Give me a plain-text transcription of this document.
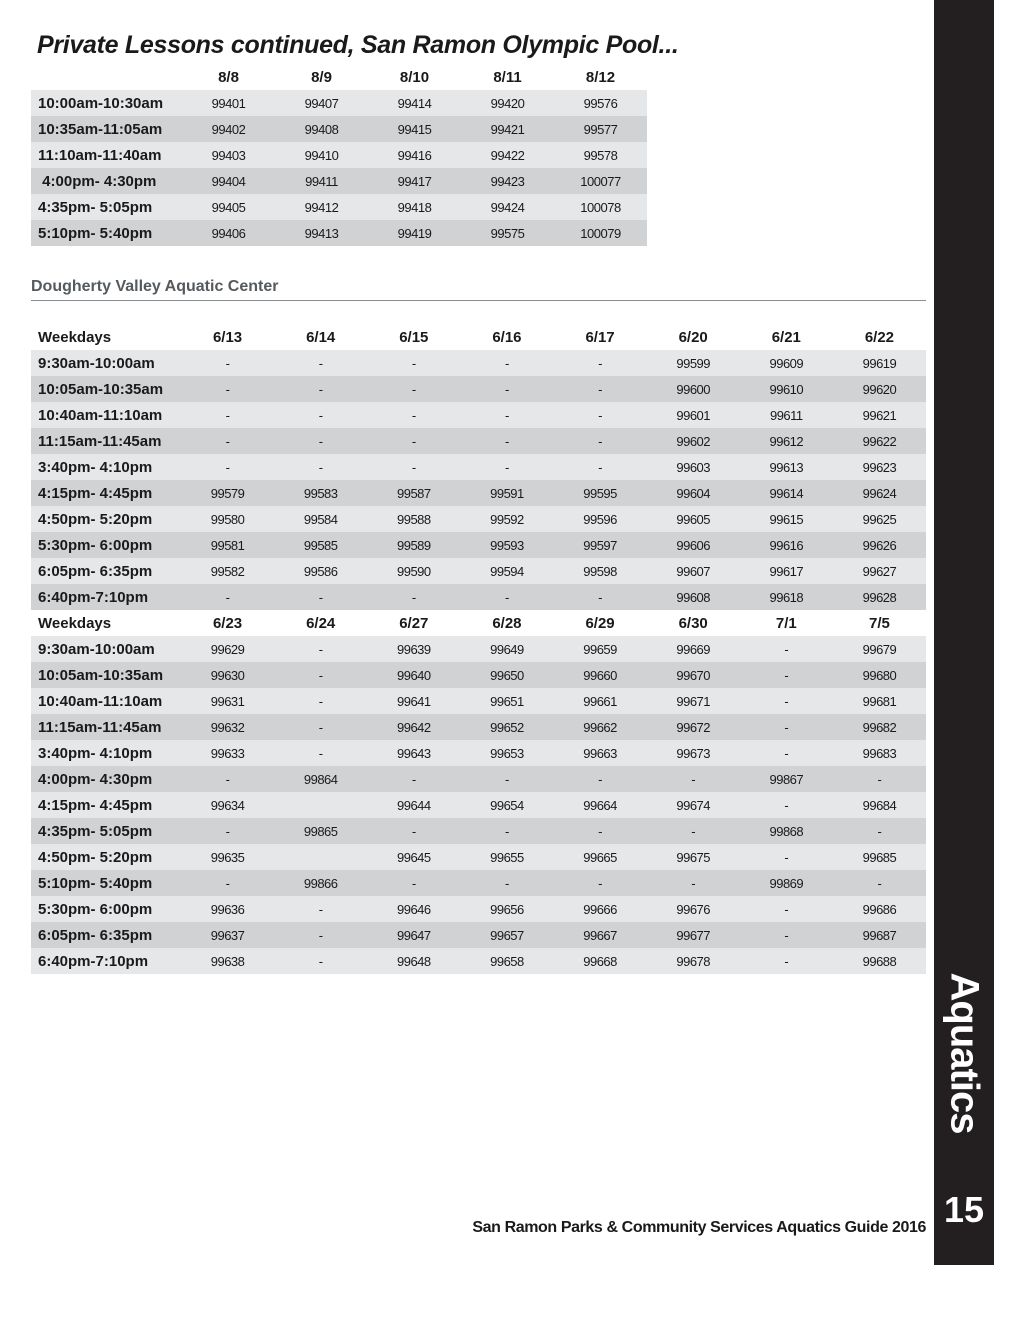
Private Lessons continued, San Ramon Olympic Pool...
	8/8	8/9	8/10	8/11	8/12
10:00am-10:30am	99401	99407	99414	99420	99576
10:35am-11:05am	99402	99408	99415	99421	99577
11:10am-11:40am	99403	99410	99416	99422	99578
4:00pm- 4:30pm	99404	99411	99417	99423	100077
4:35pm- 5:05pm	99405	99412	99418	99424	100078
5:10pm- 5:40pm	99406	99413	99419	99575	100079
Dougherty Valley Aquatic Center
Weekdays	6/13	6/14	6/15	6/16	6/17	6/20	6/21	6/22
9:30am-10:00am	-	-	-	-	-	99599	99609	99619
10:05am-10:35am	-	-	-	-	-	99600	99610	99620
10:40am-11:10am	-	-	-	-	-	99601	99611	99621
11:15am-11:45am	-	-	-	-	-	99602	99612	99622
3:40pm- 4:10pm	-	-	-	-	-	99603	99613	99623
4:15pm- 4:45pm	99579	99583	99587	99591	99595	99604	99614	99624
4:50pm- 5:20pm	99580	99584	99588	99592	99596	99605	99615	99625
5:30pm- 6:00pm	99581	99585	99589	99593	99597	99606	99616	99626
6:05pm- 6:35pm	99582	99586	99590	99594	99598	99607	99617	99627
6:40pm-7:10pm	-	-	-	-	-	99608	99618	99628
Weekdays	6/23	6/24	6/27	6/28	6/29	6/30	7/1	7/5
9:30am-10:00am	99629	-	99639	99649	99659	99669	-	99679
10:05am-10:35am	99630	-	99640	99650	99660	99670	-	99680
10:40am-11:10am	99631	-	99641	99651	99661	99671	-	99681
11:15am-11:45am	99632	-	99642	99652	99662	99672	-	99682
3:40pm- 4:10pm	99633	-	99643	99653	99663	99673	-	99683
4:00pm- 4:30pm	-	99864	-	-	-	-	99867	-
4:15pm- 4:45pm	99634		99644	99654	99664	99674	-	99684
4:35pm- 5:05pm	-	99865	-	-	-	-	99868	-
4:50pm- 5:20pm	99635		99645	99655	99665	99675	-	99685
5:10pm- 5:40pm	-	99866	-	-	-	-	99869	-
5:30pm- 6:00pm	99636	-	99646	99656	99666	99676	-	99686
6:05pm- 6:35pm	99637	-	99647	99657	99667	99677	-	99687
6:40pm-7:10pm	99638	-	99648	99658	99668	99678	-	99688
San Ramon Parks & Community Services Aquatics Guide 2016
Aquatics
15
